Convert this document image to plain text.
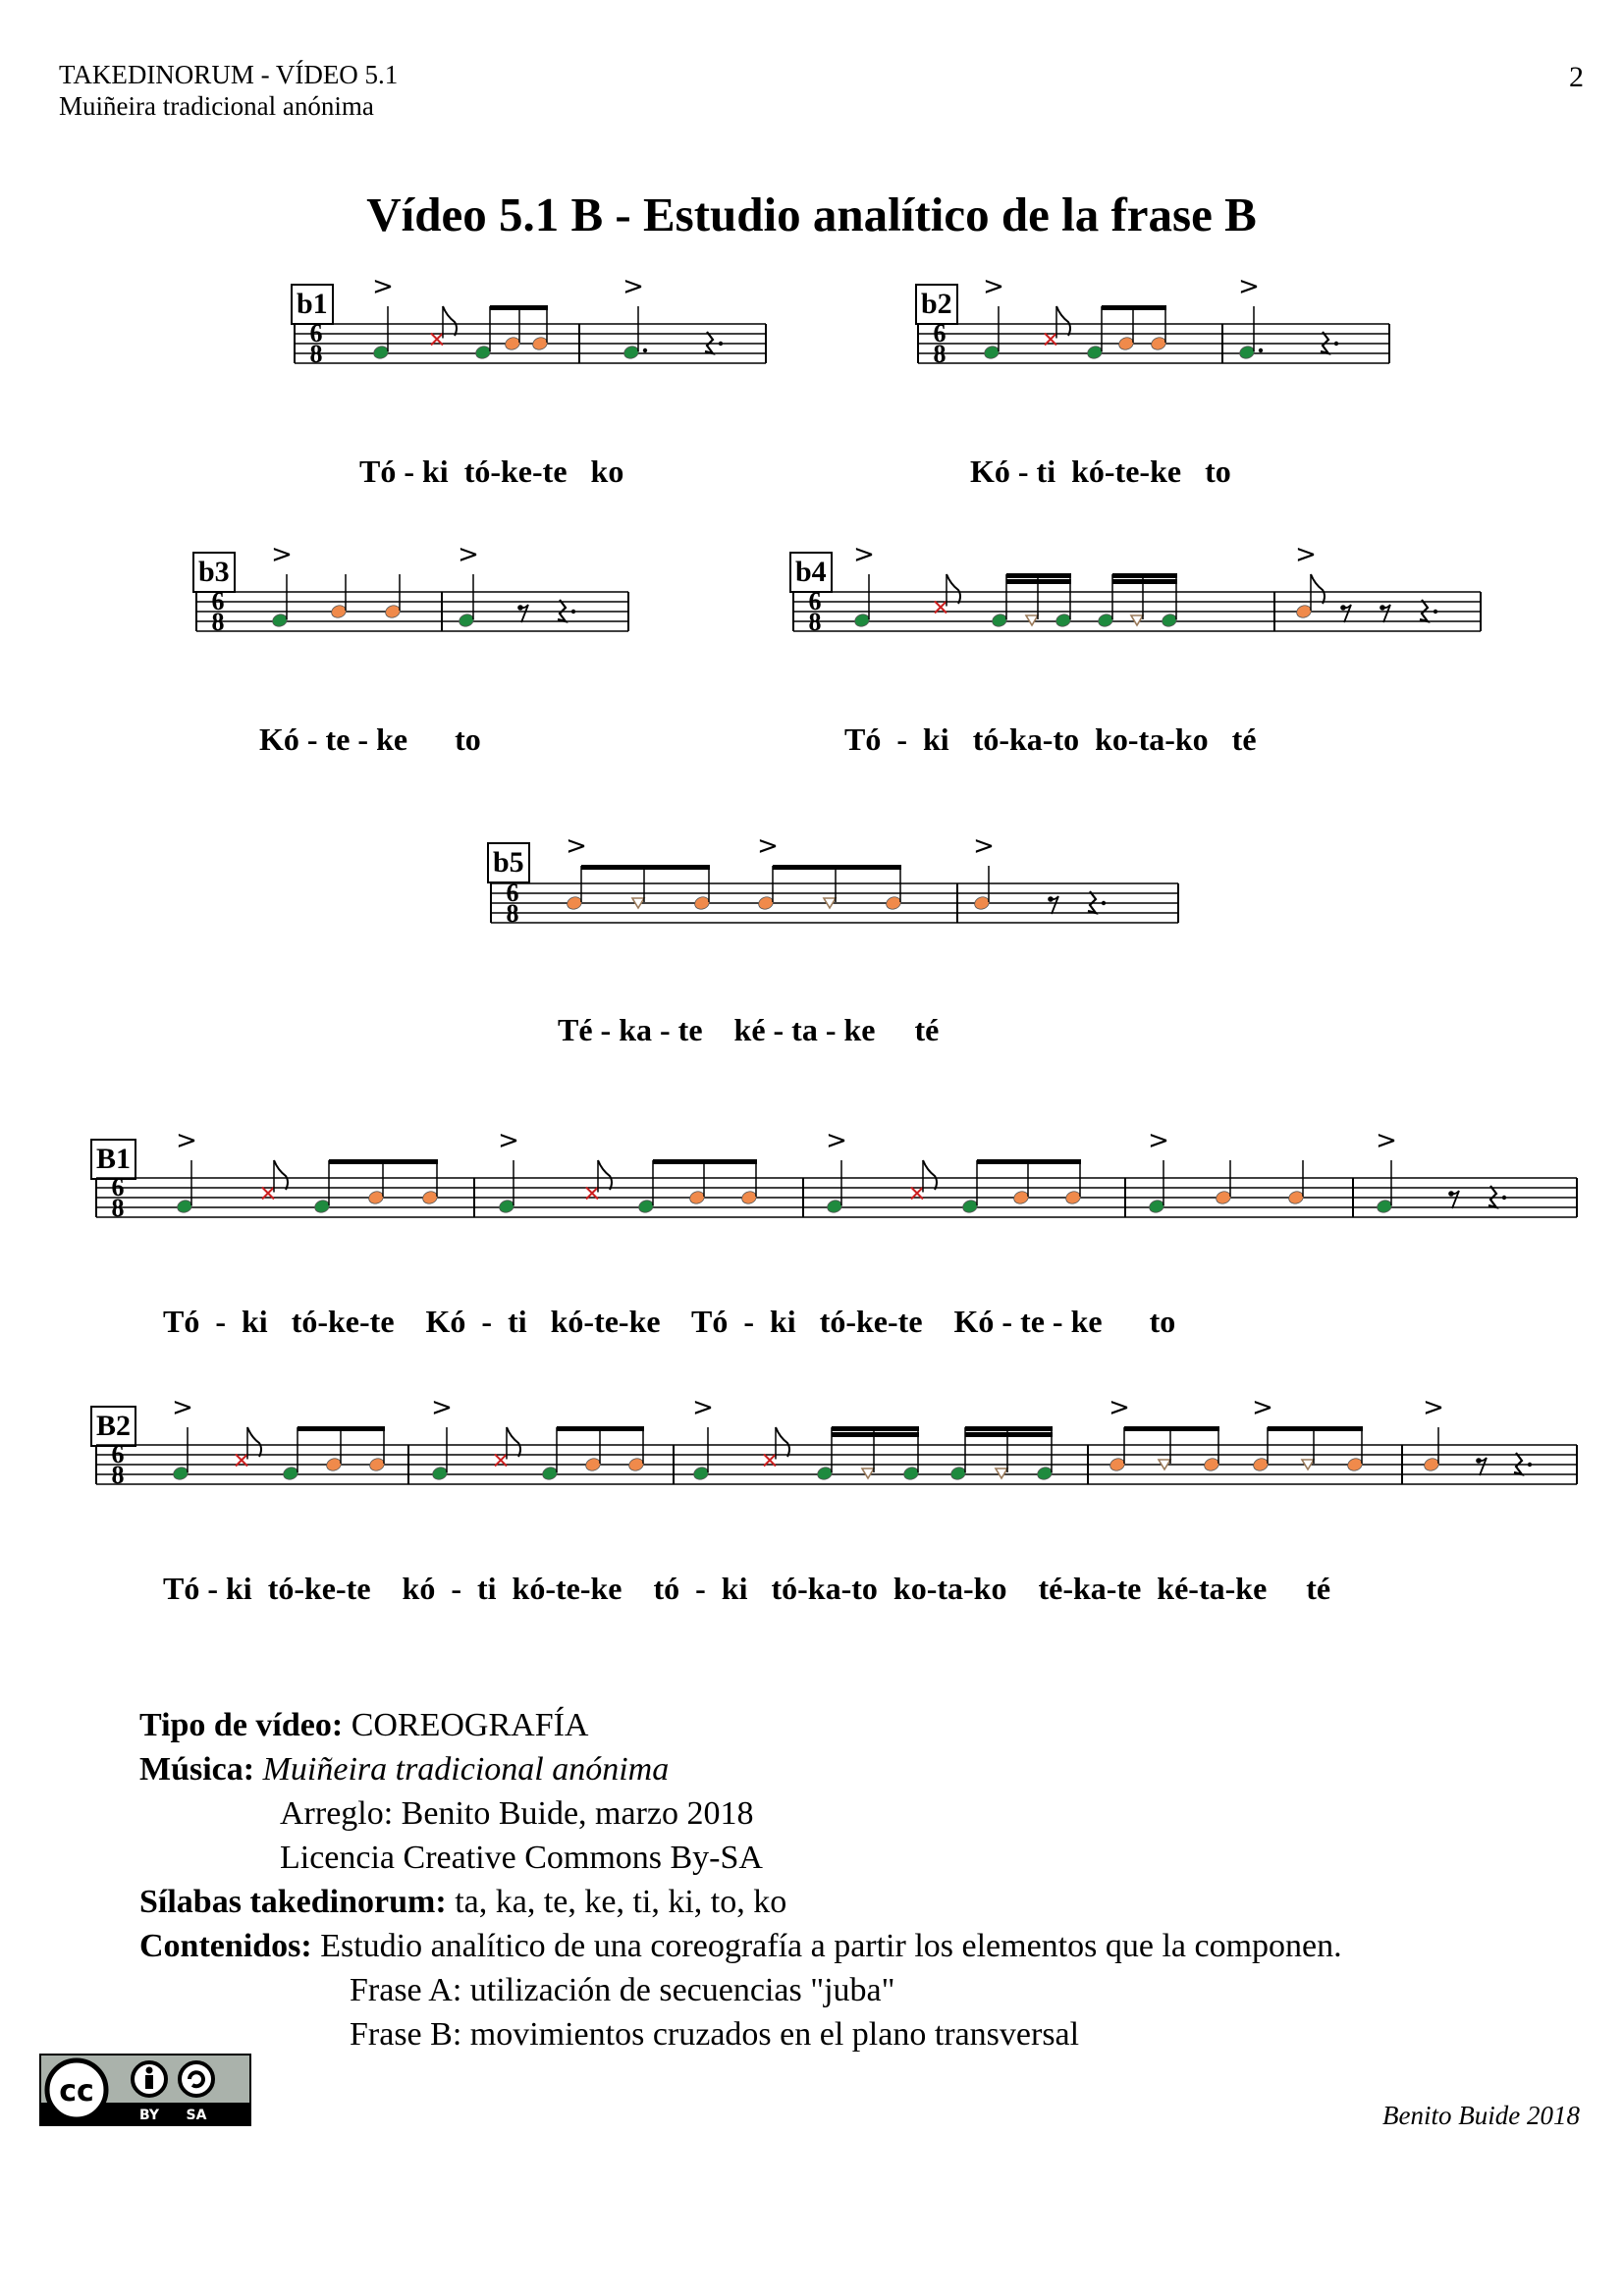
TAKEDINORUM - VÍDEO 5.1
Muiñeira tradicional anónima
2
Vídeo 5.1 B - Estudio analítico de la frase B
b1	b2
b3	b4
b5
B1
B2
6
8
>	>
6
8
>	>
6
8
>	>
6
8
>	>
6
8
>	>	>
6
8
>	>	>	>	>
6
8
>	>	>	>	>	>
Tó - ki  tó-ke-te   ko	Kó - ti  kó-te-ke   to
Kó - te - ke      to	Tó  -  ki   tó-ka-to  ko-ta-ko   té
Té - ka - te    ké - ta - ke     té
Tó  -  ki   tó-ke-te    Kó  -  ti   kó-te-ke    Tó  -  ki   tó-ke-te    Kó - te - ke      to
Tó - ki  tó-ke-te    kó  -  ti  kó-te-ke    tó  -  ki   tó-ka-to  ko-ta-ko    té-ka-te  ké-ta-ke     té
Tipo de vídeo: COREOGRAFÍA
Música: Muiñeira tradicional anónima
Arreglo: Benito Buide, marzo 2018
Licencia Creative Commons By-SA
Sílabas takedinorum: ta, ka, te, ke, ti, ki, to, ko
Contenidos: Estudio analítico de una coreografía a partir los elementos que la componen.
Frase A: utilización de secuencias "juba"
Frase B: movimientos cruzados en el plano transversal
cc
BY SA	Benito Buide 2018
